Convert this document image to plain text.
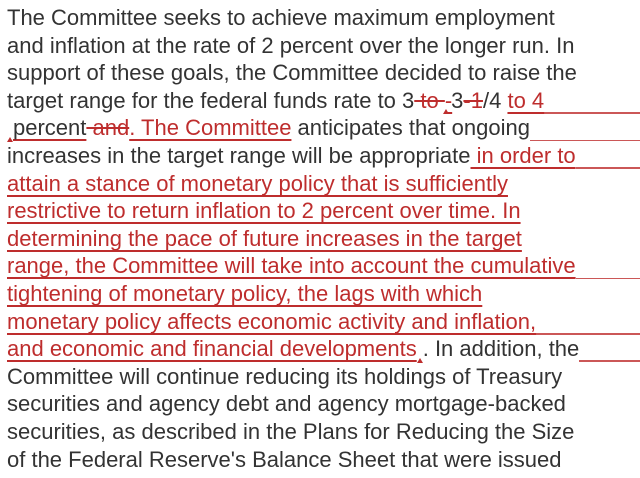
The Committee seeks to achieve maximum employment
and inflation at the rate of 2 percent over the longer run. In
support of these goals, the Committee decided to raise the
target range for the federal funds rate to 3 to - 3 -1 /4 to 4
percent and . The Committee anticipates that ongoing
increases in the target range will be appropriate in order to
attain a stance of monetary policy that is sufficiently
restrictive to return inflation to 2 percent over time. In
determining the pace of future increases in the target
range, the Committee will take into account the cumulative
tightening of monetary policy, the lags with which
monetary policy affects economic activity and inflation,
and economic and financial developments . In addition, the
Committee will continue reducing its holdings of Treasury
securities and agency debt and agency mortgage-backed
securities, as described in the Plans for Reducing the Size
of the Federal Reserve's Balance Sheet that were issued
